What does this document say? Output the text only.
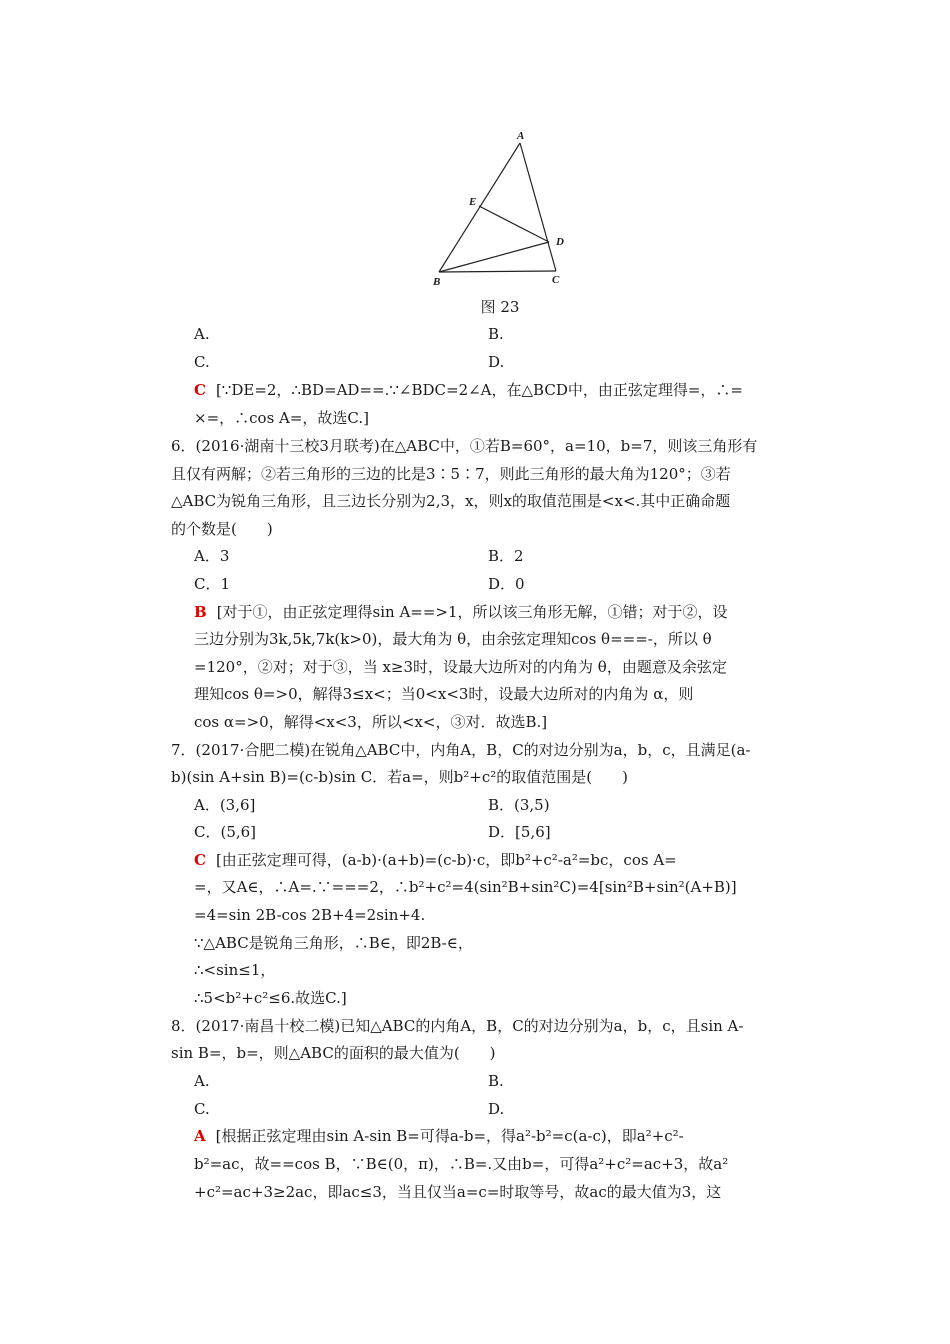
A
E
D
B	C
图 23
A.	B.
C.	D.
C [∵DE=2，∴BD=AD==.∵∠BDC=2∠A，在△BCD中，由正弦定理得=，∴=
×=，∴cos A=，故选C.]
6．(2016·湖南十三校3月联考)在△ABC中，①若B=60°，a=10，b=7，则该三角形有
且仅有两解；②若三角形的三边的比是3∶5∶7，则此三角形的最大角为120°；③若
△ABC为锐角三角形，且三边长分别为2,3，x，则x的取值范围是<x<.其中正确命题
的个数是(　　)
A．3	B．2
C．1	D．0
B [对于①，由正弦定理得sin A==>1，所以该三角形无解，①错；对于②，设
三边分别为3k,5k,7k(k>0)，最大角为 θ，由余弦定理知cos θ===-，所以 θ
=120°，②对；对于③，当 x≥3时，设最大边所对的内角为 θ，由题意及余弦定
理知cos θ=>0，解得3≤x<；当0<x<3时，设最大边所对的内角为 α，则
cos α=>0，解得<x<3，所以<x<，③对．故选B.]
7．(2017·合肥二模)在锐角△ABC中，内角A，B，C的对边分别为a，b，c，且满足(a-
b)(sin A+sin B)=(c-b)sin C．若a=，则b²+c²的取值范围是(　　)
A．(3,6]	B．(3,5)
C．(5,6]	D．[5,6]
C [由正弦定理可得，(a-b)·(a+b)=(c-b)·c，即b²+c²-a²=bc，cos A=
=，又A∈，∴A=.∵===2，∴b²+c²=4(sin²B+sin²C)=4[sin²B+sin²(A+B)]
=4=sin 2B-cos 2B+4=2sin+4.
∵△ABC是锐角三角形，∴B∈，即2B-∈，
∴<sin≤1，
∴5<b²+c²≤6.故选C.]
8．(2017·南昌十校二模)已知△ABC的内角A，B，C的对边分别为a，b，c，且sin A-
sin B=，b=，则△ABC的面积的最大值为(　　)
A.	B.
C.	D.
A [根据正弦定理由sin A-sin B=可得a-b=，得a²-b²=c(a-c)，即a²+c²-
b²=ac，故==cos B，∵B∈(0，π)，∴B=.又由b=，可得a²+c²=ac+3，故a²
+c²=ac+3≥2ac，即ac≤3，当且仅当a=c=时取等号，故ac的最大值为3，这
